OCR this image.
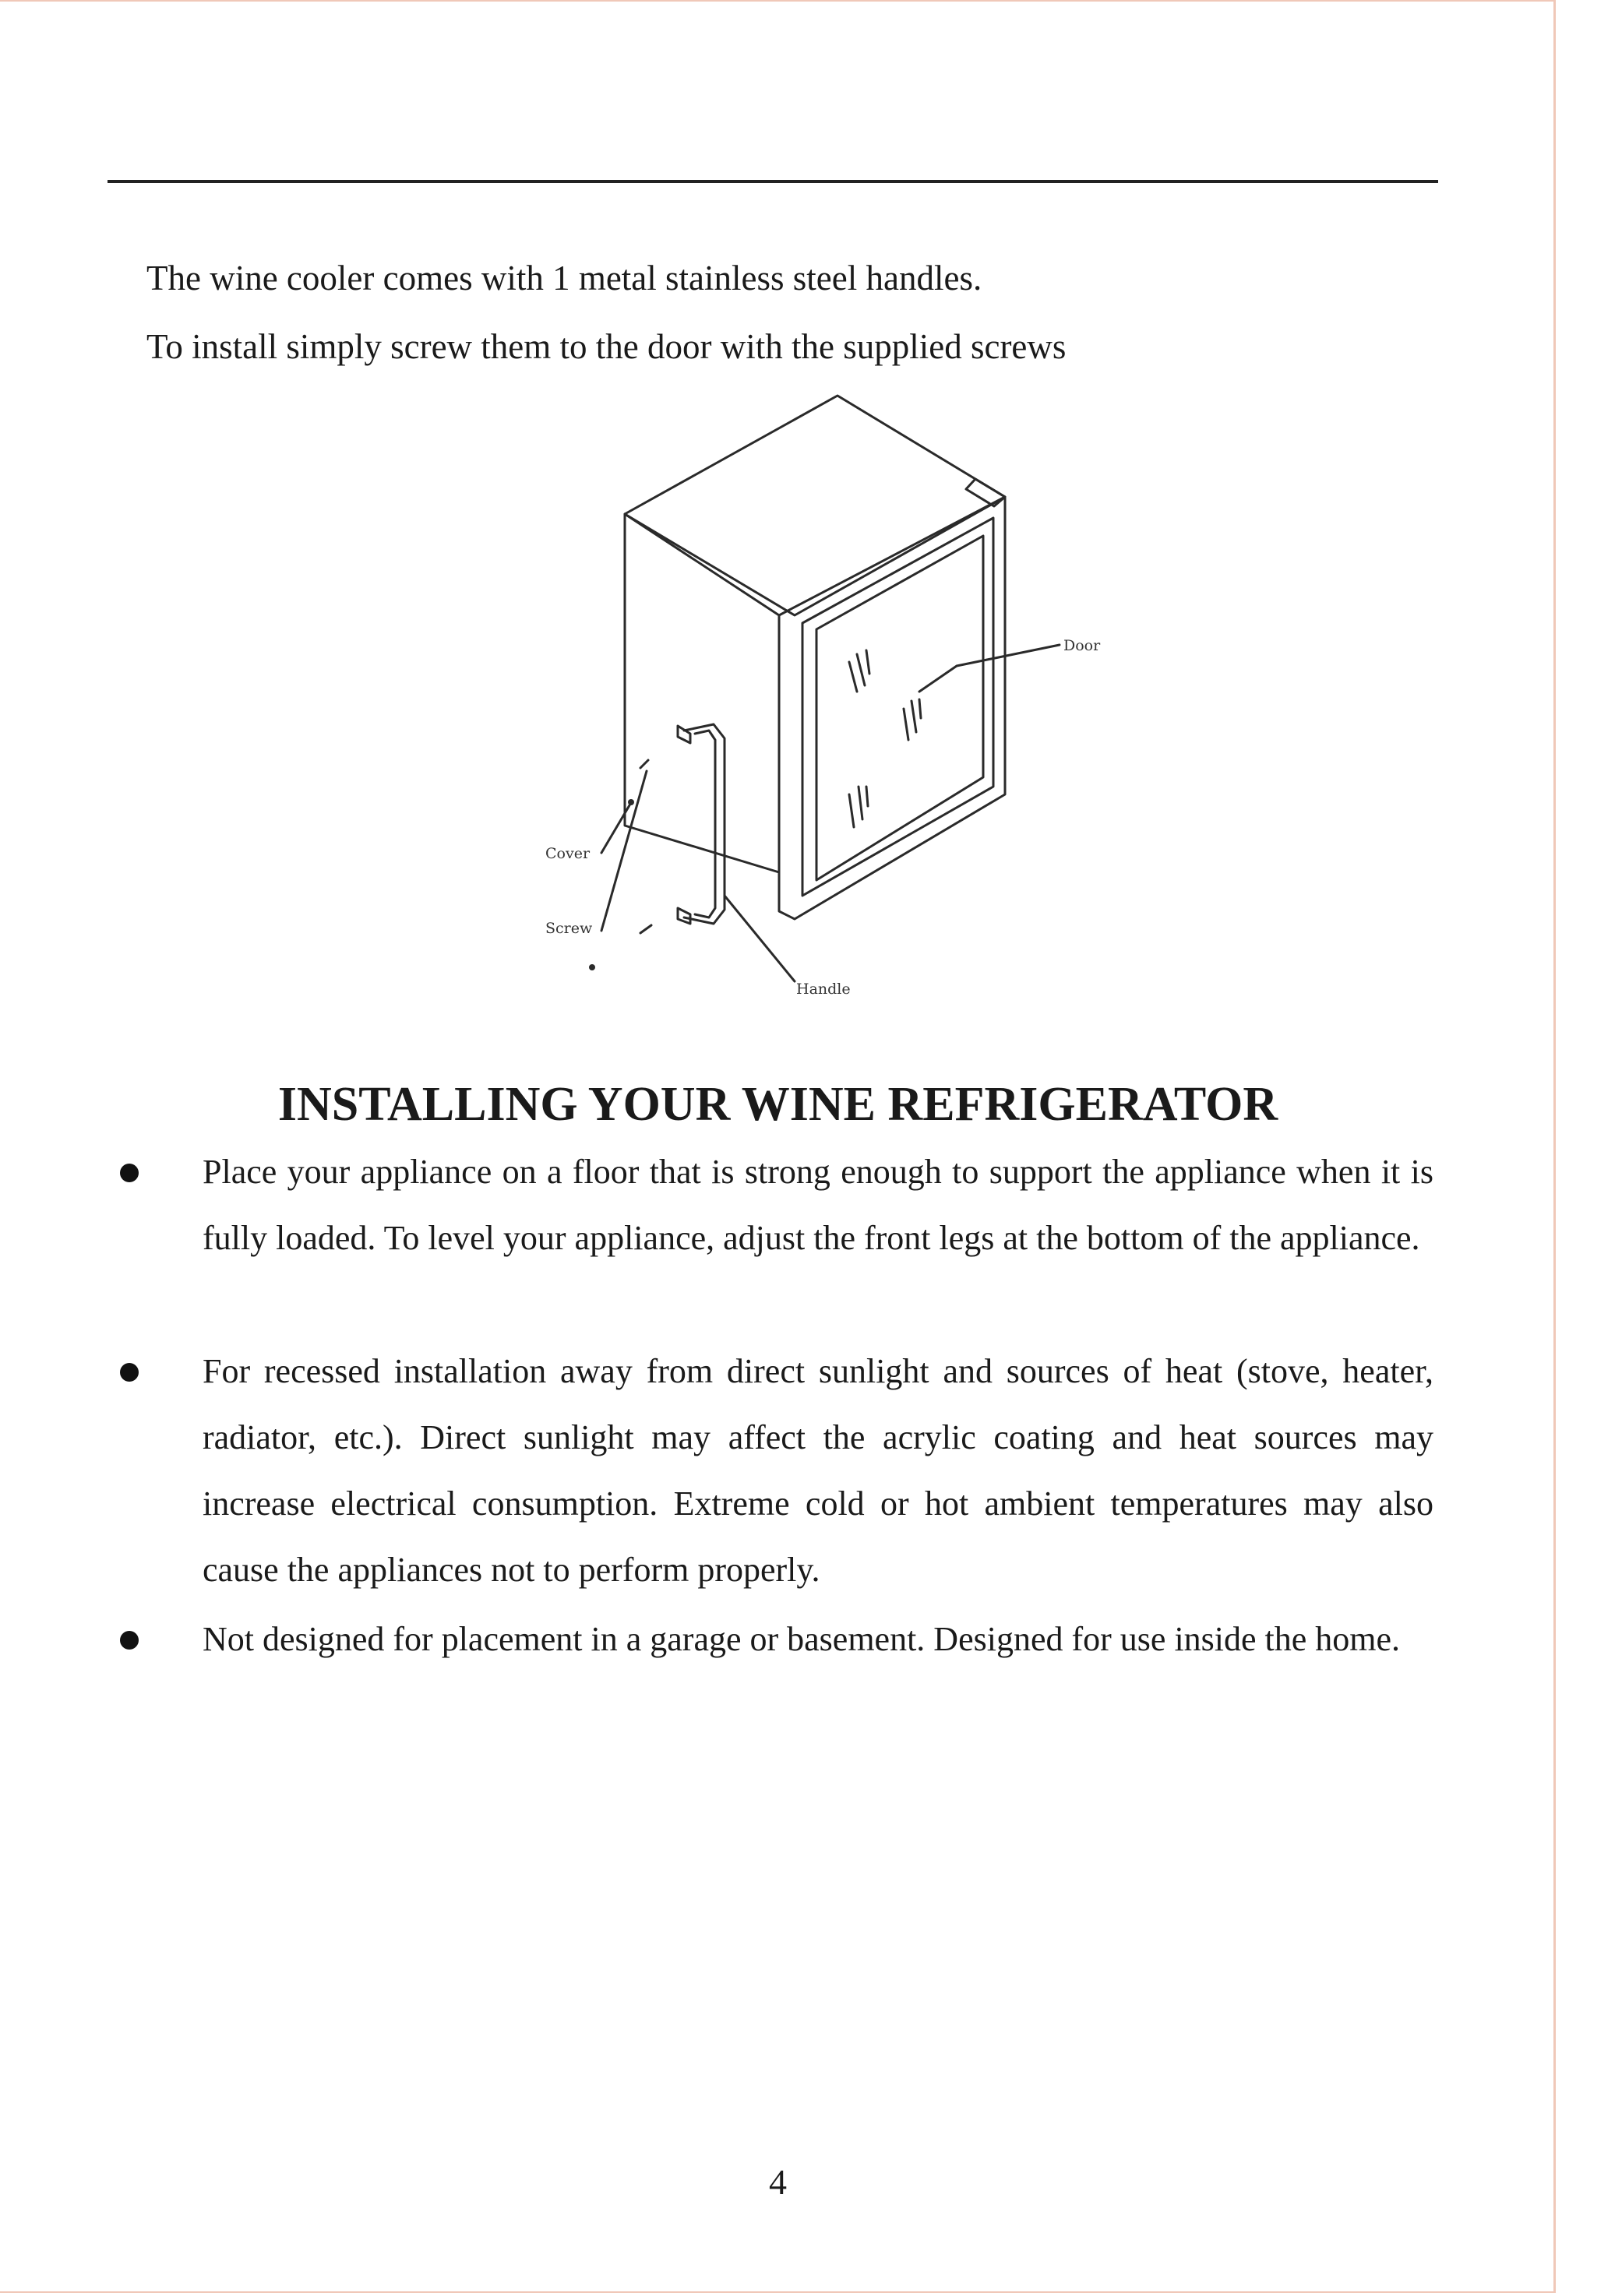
The wine cooler comes with 1 metal stainless steel handles.

To install simply screw them to the door with the supplied screws

Door
Cover
Screw
Handle
INSTALLING YOUR WINE REFRIGERATOR
Place your appliance on a floor that is strong enough to support the appliance when it is fully loaded. To level your appliance, adjust the front legs at the bottom of the appliance.
For recessed installation away from direct sunlight and sources of heat (stove, heater, radiator, etc.). Direct sunlight may affect the acrylic coating and heat sources may increase electrical consumption. Extreme cold or hot ambient temperatures may also cause the appliances not to perform properly.
Not designed for placement in a garage or basement. Designed for use inside the home.
4
